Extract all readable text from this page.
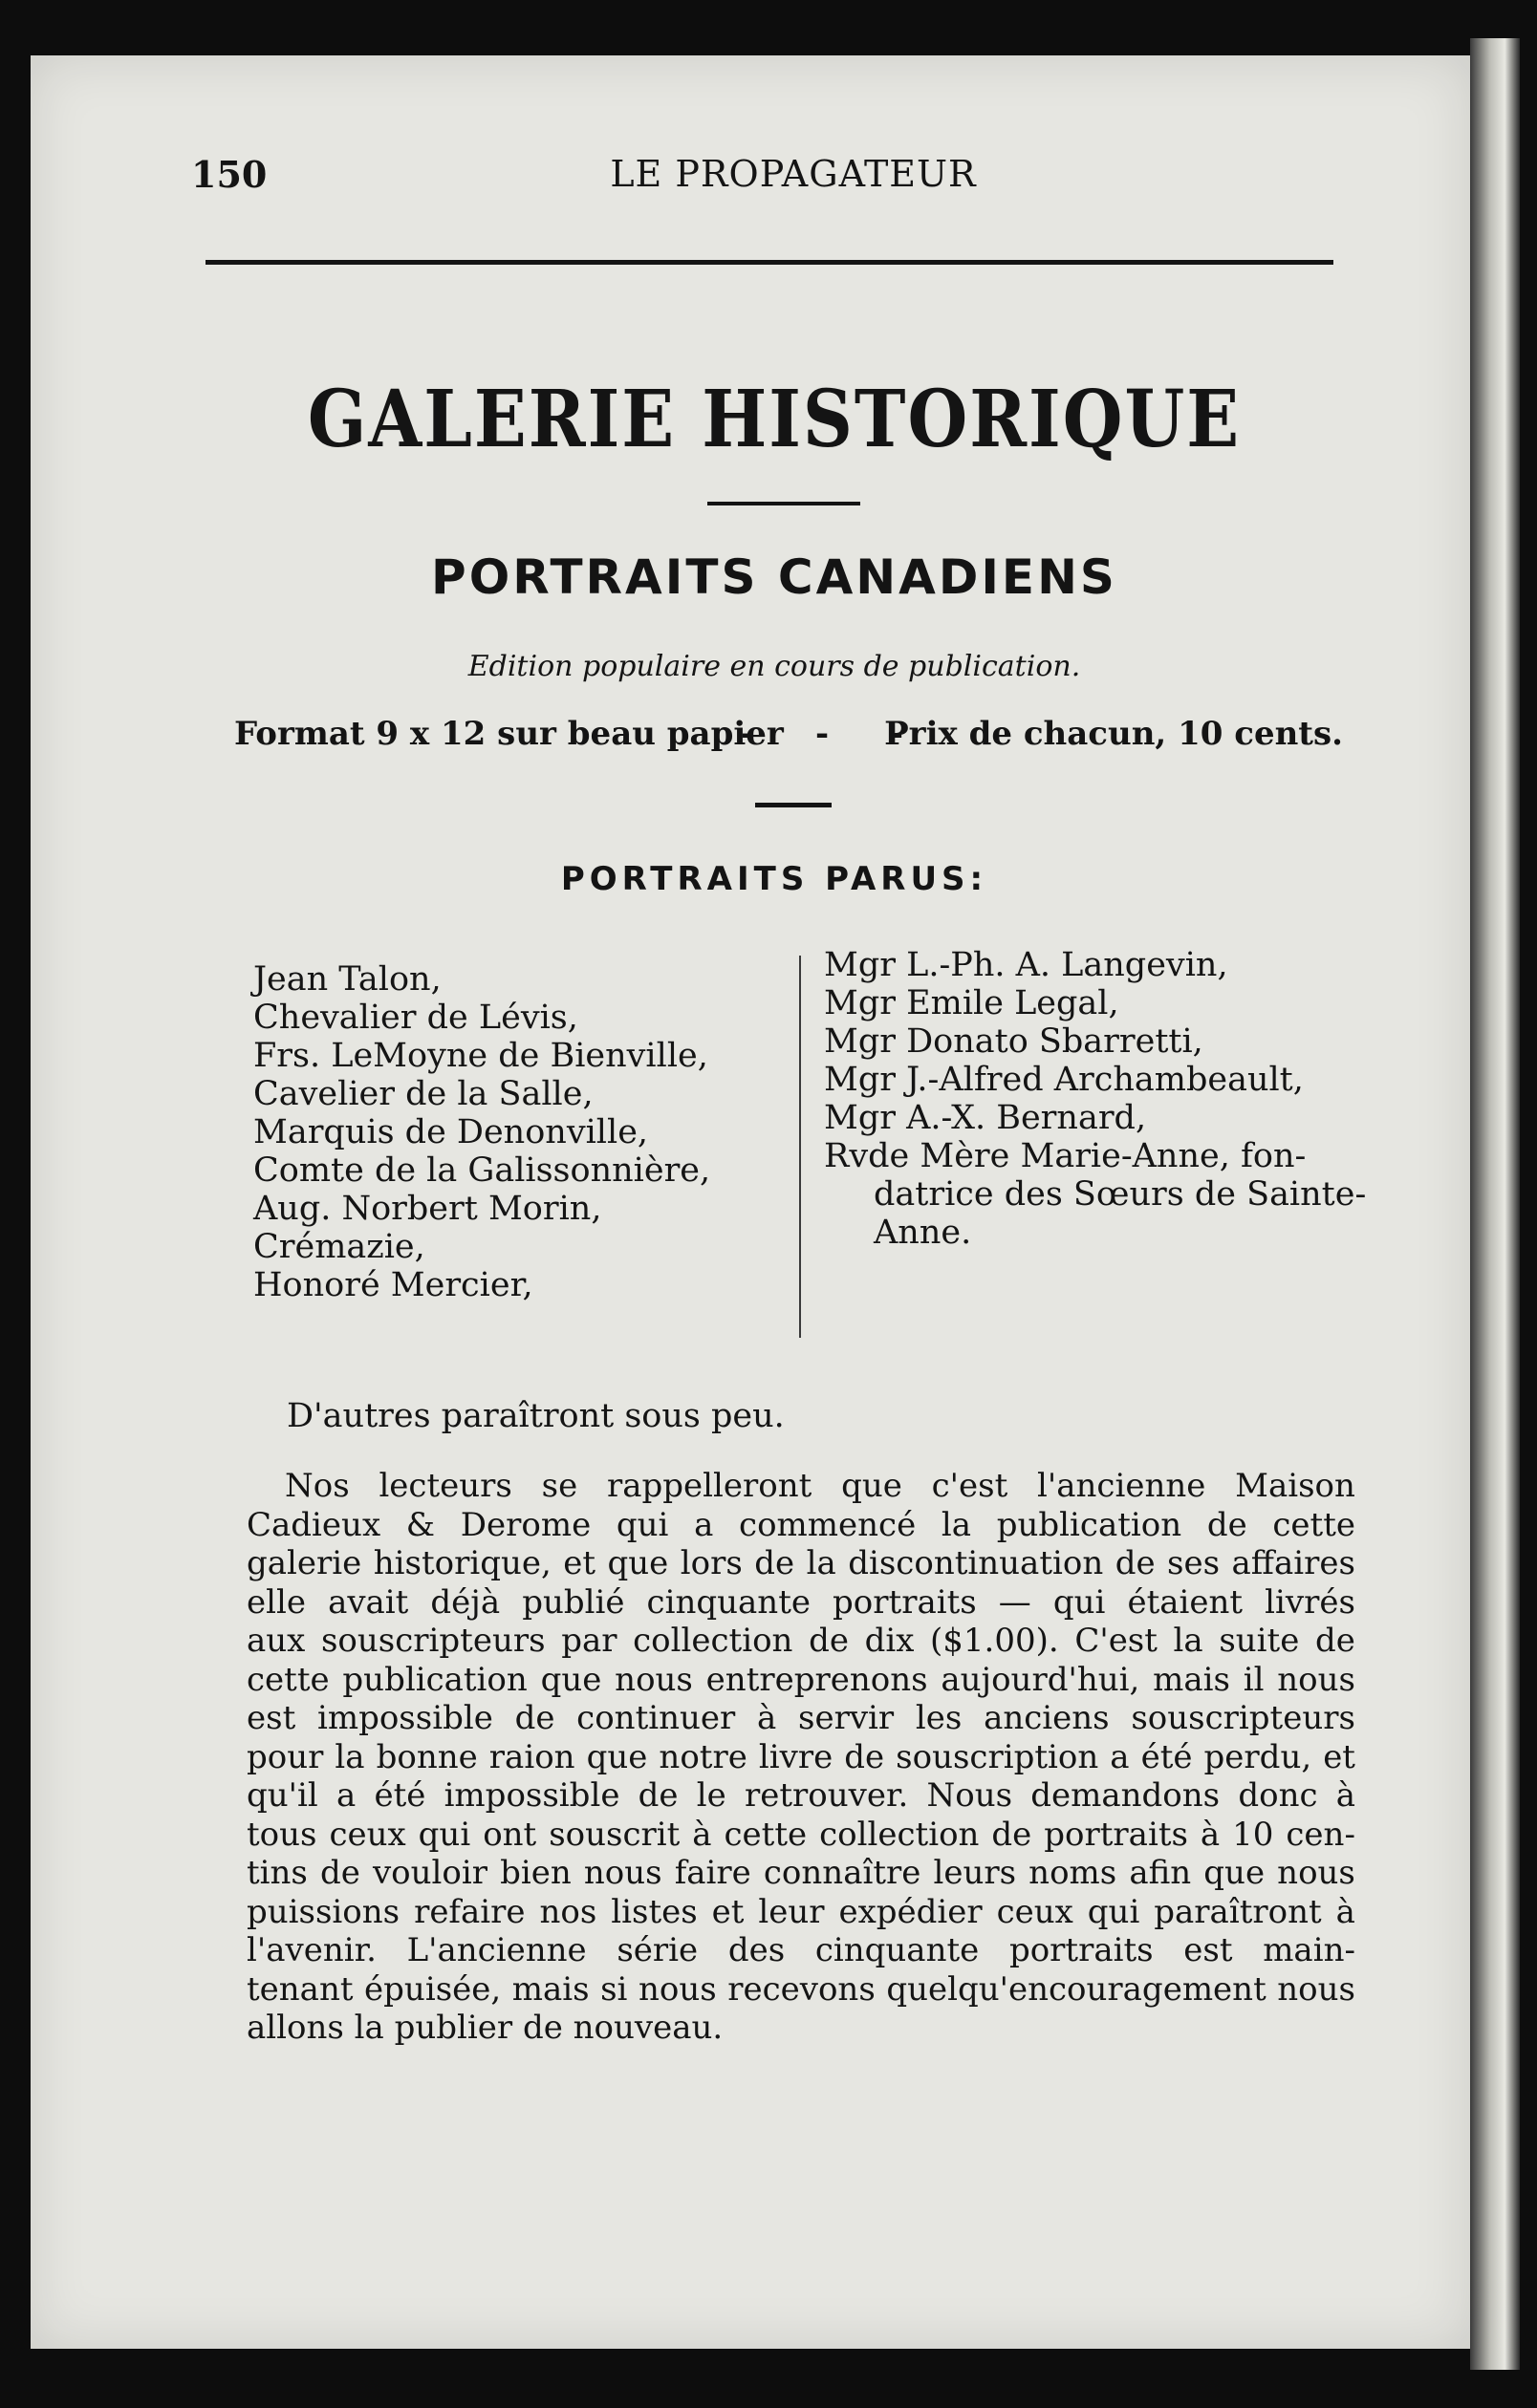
150	LE PROPAGATEUR
GALERIE HISTORIQUE
PORTRAITS CANADIENS
Edition populaire en cours de publication.
Format 9 x 12 sur beau papier
- - -
Prix de chacun, 10 cents.
PORTRAITS PARUS:
Jean Talon,
Chevalier de Lévis,
Frs. LeMoyne de Bienville,
Cavelier de la Salle,
Marquis de Denonville,
Comte de la Galissonnière,
Aug. Norbert Morin,
Crémazie,
Honoré Mercier,
Mgr L.-Ph. A. Langevin,
Mgr Emile Legal,
Mgr Donato Sbarretti,
Mgr J.-Alfred Archambeault,
Mgr A.-X. Bernard,
Rvde Mère Marie-Anne, fon-
datrice des Sœurs de Sainte-
Anne.
D'autres paraîtront sous peu.
Nos lecteurs se rappelleront que c'est l'ancienne Maison
Cadieux & Derome qui a commencé la publication de cette
galerie historique, et que lors de la discontinuation de ses affaires
elle avait déjà publié cinquante portraits — qui étaient livrés
aux souscripteurs par collection de dix ($1.00). C'est la suite de
cette publication que nous entreprenons aujourd'hui, mais il nous
est impossible de continuer à servir les anciens souscripteurs
pour la bonne raion que notre livre de souscription a été perdu, et
qu'il a été impossible de le retrouver. Nous demandons donc à
tous ceux qui ont souscrit à cette collection de portraits à 10 cen-
tins de vouloir bien nous faire connaître leurs noms afin que nous
puissions refaire nos listes et leur expédier ceux qui paraîtront à
l'avenir. L'ancienne série des cinquante portraits est main-
tenant épuisée, mais si nous recevons quelqu'encouragement nous
allons la publier de nouveau.
